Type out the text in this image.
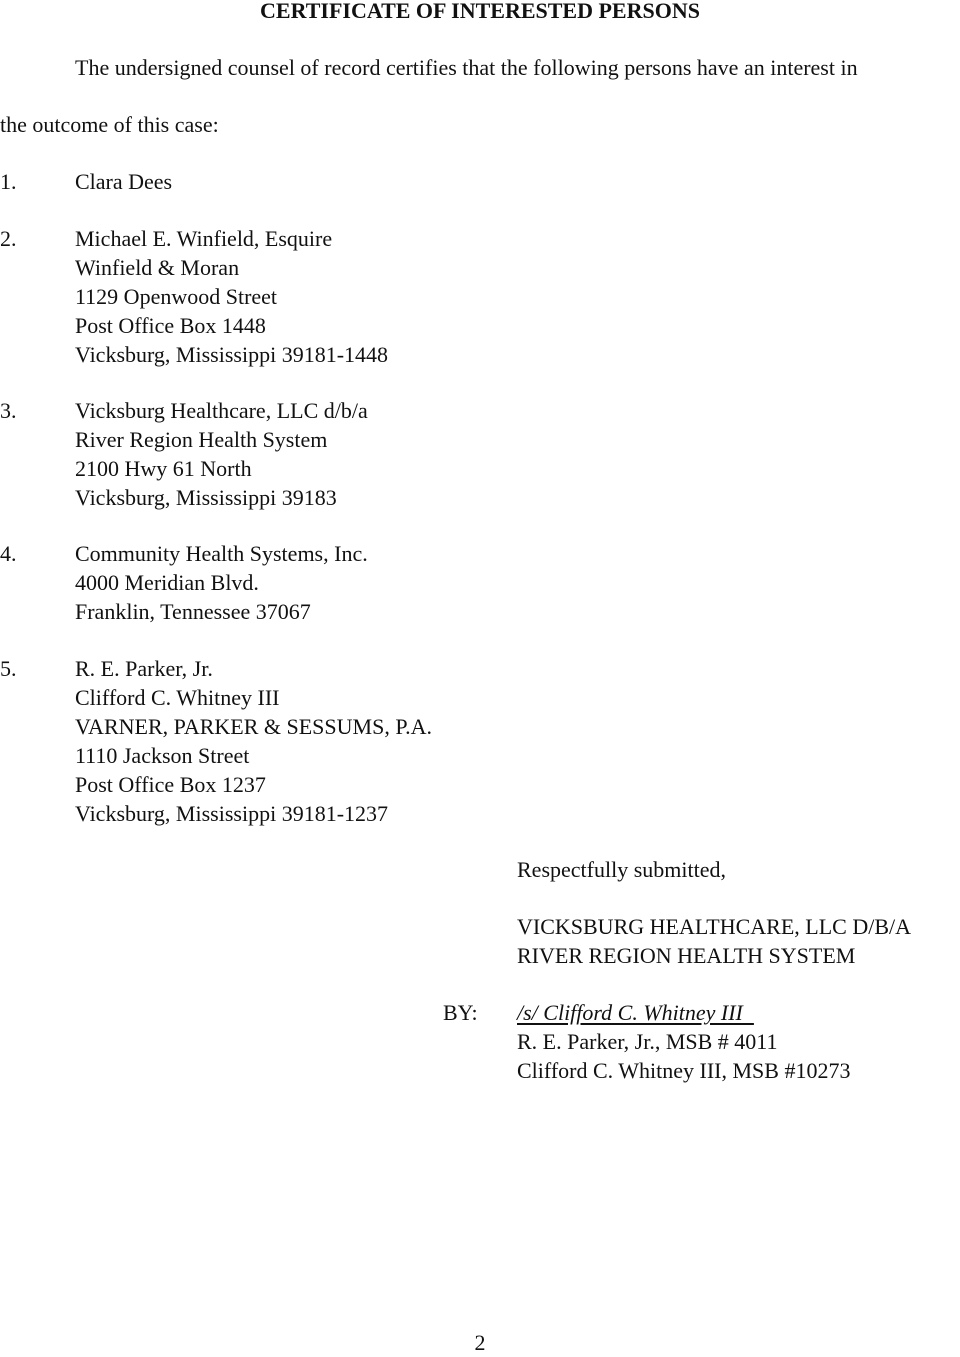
CERTIFICATE OF INTERESTED PERSONS
The undersigned counsel of record certifies that the following persons have an interest in
the outcome of this case:
1.	Clara Dees
2.	Michael E. Winfield, Esquire
Winfield & Moran
1129 Openwood Street
Post Office Box 1448
Vicksburg, Mississippi 39181-1448
3.	Vicksburg Healthcare, LLC d/b/a
River Region Health System
2100 Hwy 61 North
Vicksburg, Mississippi 39183
4.	Community Health Systems, Inc.
4000 Meridian Blvd.
Franklin, Tennessee 37067
5.	R. E. Parker, Jr.
Clifford C. Whitney III
VARNER, PARKER & SESSUMS, P.A.
1110 Jackson Street
Post Office Box 1237
Vicksburg, Mississippi 39181-1237
Respectfully submitted,
VICKSBURG HEALTHCARE, LLC D/B/A
RIVER REGION HEALTH SYSTEM
BY: /s/ Clifford C. Whitney III
R. E. Parker, Jr., MSB # 4011
Clifford C. Whitney III, MSB #10273
2
